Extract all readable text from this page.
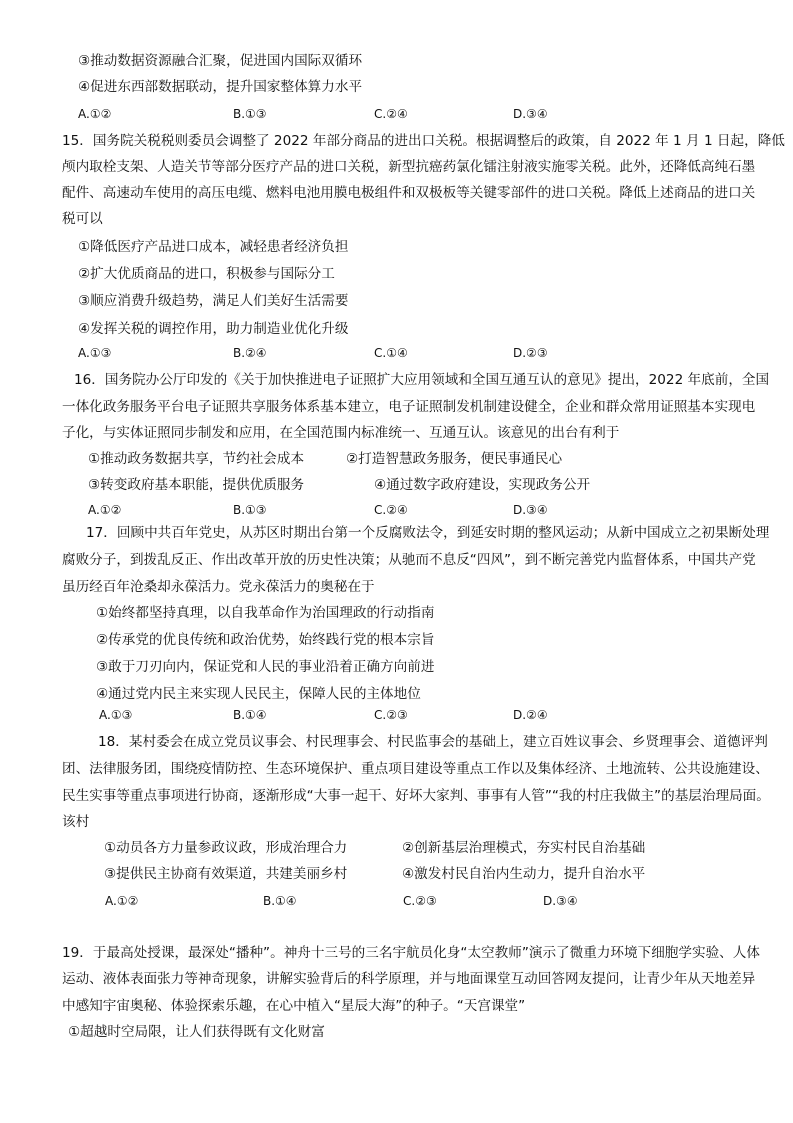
③推动数据资源融合汇聚，促进国内国际双循环
④促进东西部数据联动，提升国家整体算力水平
A.①②	B.①③	C.②④	D.③④
15．国务院关税税则委员会调整了 2022 年部分商品的进出口关税。根据调整后的政策，自 2022 年 1 月 1 日起，降低
颅内取栓支架、人造关节等部分医疗产品的进口关税，新型抗癌药氯化镭注射液实施零关税。此外，还降低高纯石墨
配件、高速动车使用的高压电缆、燃料电池用膜电极组件和双极板等关键零部件的进口关税。降低上述商品的进口关
税可以
①降低医疗产品进口成本，减轻患者经济负担
②扩大优质商品的进口，积极参与国际分工
③顺应消费升级趋势，满足人们美好生活需要
④发挥关税的调控作用，助力制造业优化升级
A.①③	B.②④	C.①④	D.②③
16．国务院办公厅印发的《关于加快推进电子证照扩大应用领域和全国互通互认的意见》提出，2022 年底前，全国
一体化政务服务平台电子证照共享服务体系基本建立，电子证照制发机制建设健全，企业和群众常用证照基本实现电
子化，与实体证照同步制发和应用，在全国范围内标准统一、互通互认。该意见的出台有利于
①推动政务数据共享，节约社会成本	②打造智慧政务服务，便民事通民心
③转变政府基本职能，提供优质服务	④通过数字政府建设，实现政务公开
A.①②	B.①③	C.②④	D.③④
17．回顾中共百年党史，从苏区时期出台第一个反腐败法令，到延安时期的整风运动；从新中国成立之初果断处理
腐败分子，到拨乱反正、作出改革开放的历史性决策；从驰而不息反“四风”，到不断完善党内监督体系，中国共产党
虽历经百年沧桑却永葆活力。党永葆活力的奥秘在于
①始终都坚持真理，以自我革命作为治国理政的行动指南
②传承党的优良传统和政治优势，始终践行党的根本宗旨
③敢于刀刃向内，保证党和人民的事业沿着正确方向前进
④通过党内民主来实现人民民主，保障人民的主体地位
A.①③	B.①④	C.②③	D.②④
18．某村委会在成立党员议事会、村民理事会、村民监事会的基础上，建立百姓议事会、乡贤理事会、道德评判
团、法律服务团，围绕疫情防控、生态环境保护、重点项目建设等重点工作以及集体经济、土地流转、公共设施建设、
民生实事等重点事项进行协商，逐渐形成“大事一起干、好坏大家判、事事有人管”“我的村庄我做主”的基层治理局面。
该村
①动员各方力量参政议政，形成治理合力	②创新基层治理模式，夯实村民自治基础
③提供民主协商有效渠道，共建美丽乡村	④激发村民自治内生动力，提升自治水平
A.①②	B.①④	C.②③	D.③④
19．于最高处授课，最深处“播种”。神舟十三号的三名宇航员化身“太空教师”演示了微重力环境下细胞学实验、人体
运动、液体表面张力等神奇现象，讲解实验背后的科学原理，并与地面课堂互动回答网友提问，让青少年从天地差异
中感知宇宙奥秘、体验探索乐趣，在心中植入“星辰大海”的种子。“天宫课堂”
①超越时空局限，让人们获得既有文化财富
